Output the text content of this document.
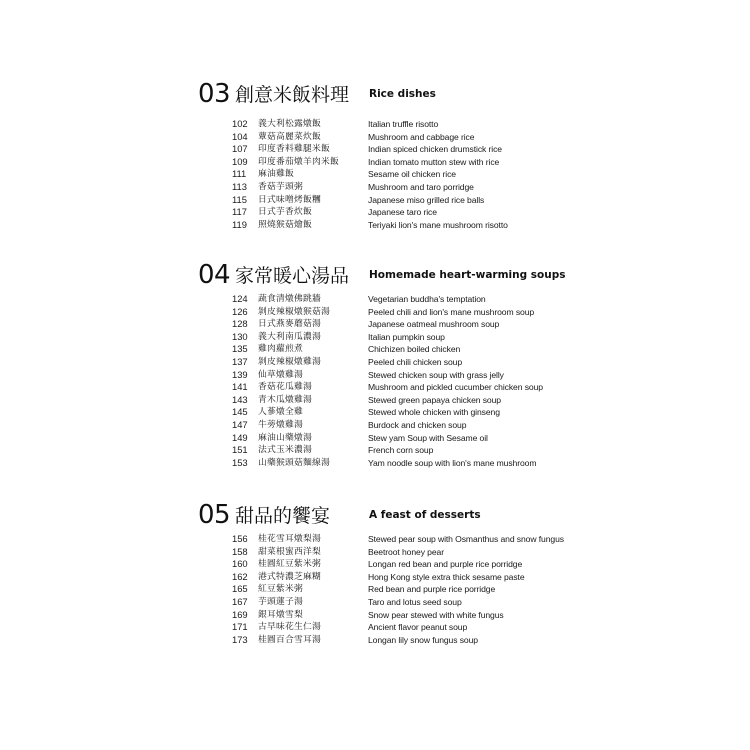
03 創意米飯料理 Rice dishes
102	義大利松露燉飯	Italian truffle risotto
104	蕈菇高麗菜炊飯	Mushroom and cabbage rice
107	印度香料雞腿米飯	Indian spiced chicken drumstick rice
109	印度番茄燉羊肉米飯	Indian tomato mutton stew with rice
111	麻油雞飯	Sesame oil chicken rice
113	香菇芋頭粥	Mushroom and taro porridge
115	日式味噌烤飯糰	Japanese miso grilled rice balls
117	日式芋香炊飯	Japanese taro rice
119	照燒猴菇燴飯	Teriyaki lion's mane mushroom risotto
04 家常暖心湯品 Homemade heart-warming soups
124	蔬食清燉佛跳牆	Vegetarian buddha's temptation
126	剝皮辣椒燉猴菇湯	Peeled chili and lion's mane mushroom soup
128	日式燕麥蘑菇湯	Japanese oatmeal mushroom soup
130	義大利南瓜濃湯	Italian pumpkin soup
135	雞肉蘿煎煮	Chichizen boiled chicken
137	剝皮辣椒燉雞湯	Peeled chili chicken soup
139	仙草燉雞湯	Stewed chicken soup with grass jelly
141	香菇花瓜雞湯	Mushroom and pickled cucumber chicken soup
143	青木瓜燉雞湯	Stewed green papaya chicken soup
145	人蔘燉全雞	Stewed whole chicken with ginseng
147	牛蒡燉雞湯	Burdock and chicken soup
149	麻油山藥燉湯	Stew yam Soup with Sesame oil
151	法式玉米濃湯	French corn soup
153	山藥猴頭菇麵線湯	Yam noodle soup with lion's mane mushroom
05 甜品的饗宴	A feast of desserts
156	桂花雪耳燉梨湯	Stewed pear soup with Osmanthus and snow fungus
158	甜菜根蜜西洋梨	Beetroot honey pear
160	桂圓紅豆紫米粥	Longan red bean and purple rice porridge
162	港式特濃芝麻糊	Hong Kong style extra thick sesame paste
165	紅豆紫米粥	Red bean and purple rice porridge
167	芋頭蓮子湯	Taro and lotus seed soup
169	銀耳燉雪梨	Snow pear stewed with white fungus
171	古早味花生仁湯	Ancient flavor peanut soup
173	桂圓百合雪耳湯	Longan lily snow fungus soup
